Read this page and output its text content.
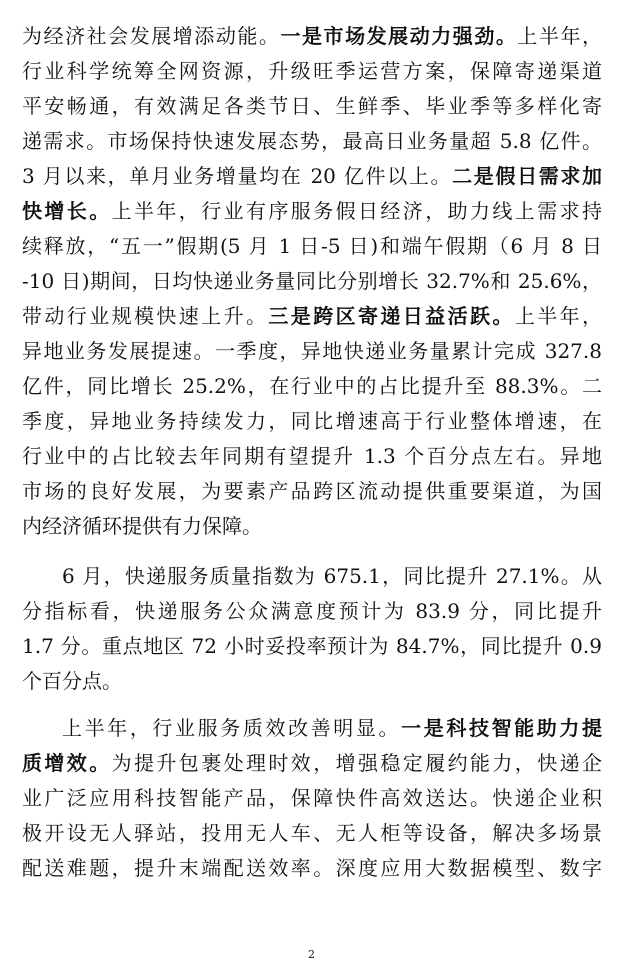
为经济社会发展增添动能。一是市场发展动力强劲。上半年，
行业科学统筹全网资源，升级旺季运营方案，保障寄递渠道
平安畅通，有效满足各类节日、生鲜季、毕业季等多样化寄
递需求。市场保持快速发展态势，最高日业务量超 5.8 亿件。
3 月以来，单月业务增量均在 20 亿件以上。二是假日需求加
快增长。上半年，行业有序服务假日经济，助力线上需求持
续释放，“五一”假期(5 月 1 日-5 日)和端午假期（6 月 8 日
-10 日)期间，日均快递业务量同比分别增长 32.7%和 25.6%，
带动行业规模快速上升。三是跨区寄递日益活跃。上半年，
异地业务发展提速。一季度，异地快递业务量累计完成 327.8
亿件，同比增长 25.2%，在行业中的占比提升至 88.3%。二
季度，异地业务持续发力，同比增速高于行业整体增速，在
行业中的占比较去年同期有望提升 1.3 个百分点左右。异地
市场的良好发展，为要素产品跨区流动提供重要渠道，为国
内经济循环提供有力保障。
6 月，快递服务质量指数为 675.1，同比提升 27.1%。从
分指标看，快递服务公众满意度预计为 83.9 分，同比提升
1.7 分。重点地区 72 小时妥投率预计为 84.7%，同比提升 0.9
个百分点。
上半年，行业服务质效改善明显。一是科技智能助力提
质增效。为提升包裹处理时效，增强稳定履约能力，快递企
业广泛应用科技智能产品，保障快件高效送达。快递企业积
极开设无人驿站，投用无人车、无人柜等设备，解决多场景
配送难题，提升末端配送效率。深度应用大数据模型、数字
2
